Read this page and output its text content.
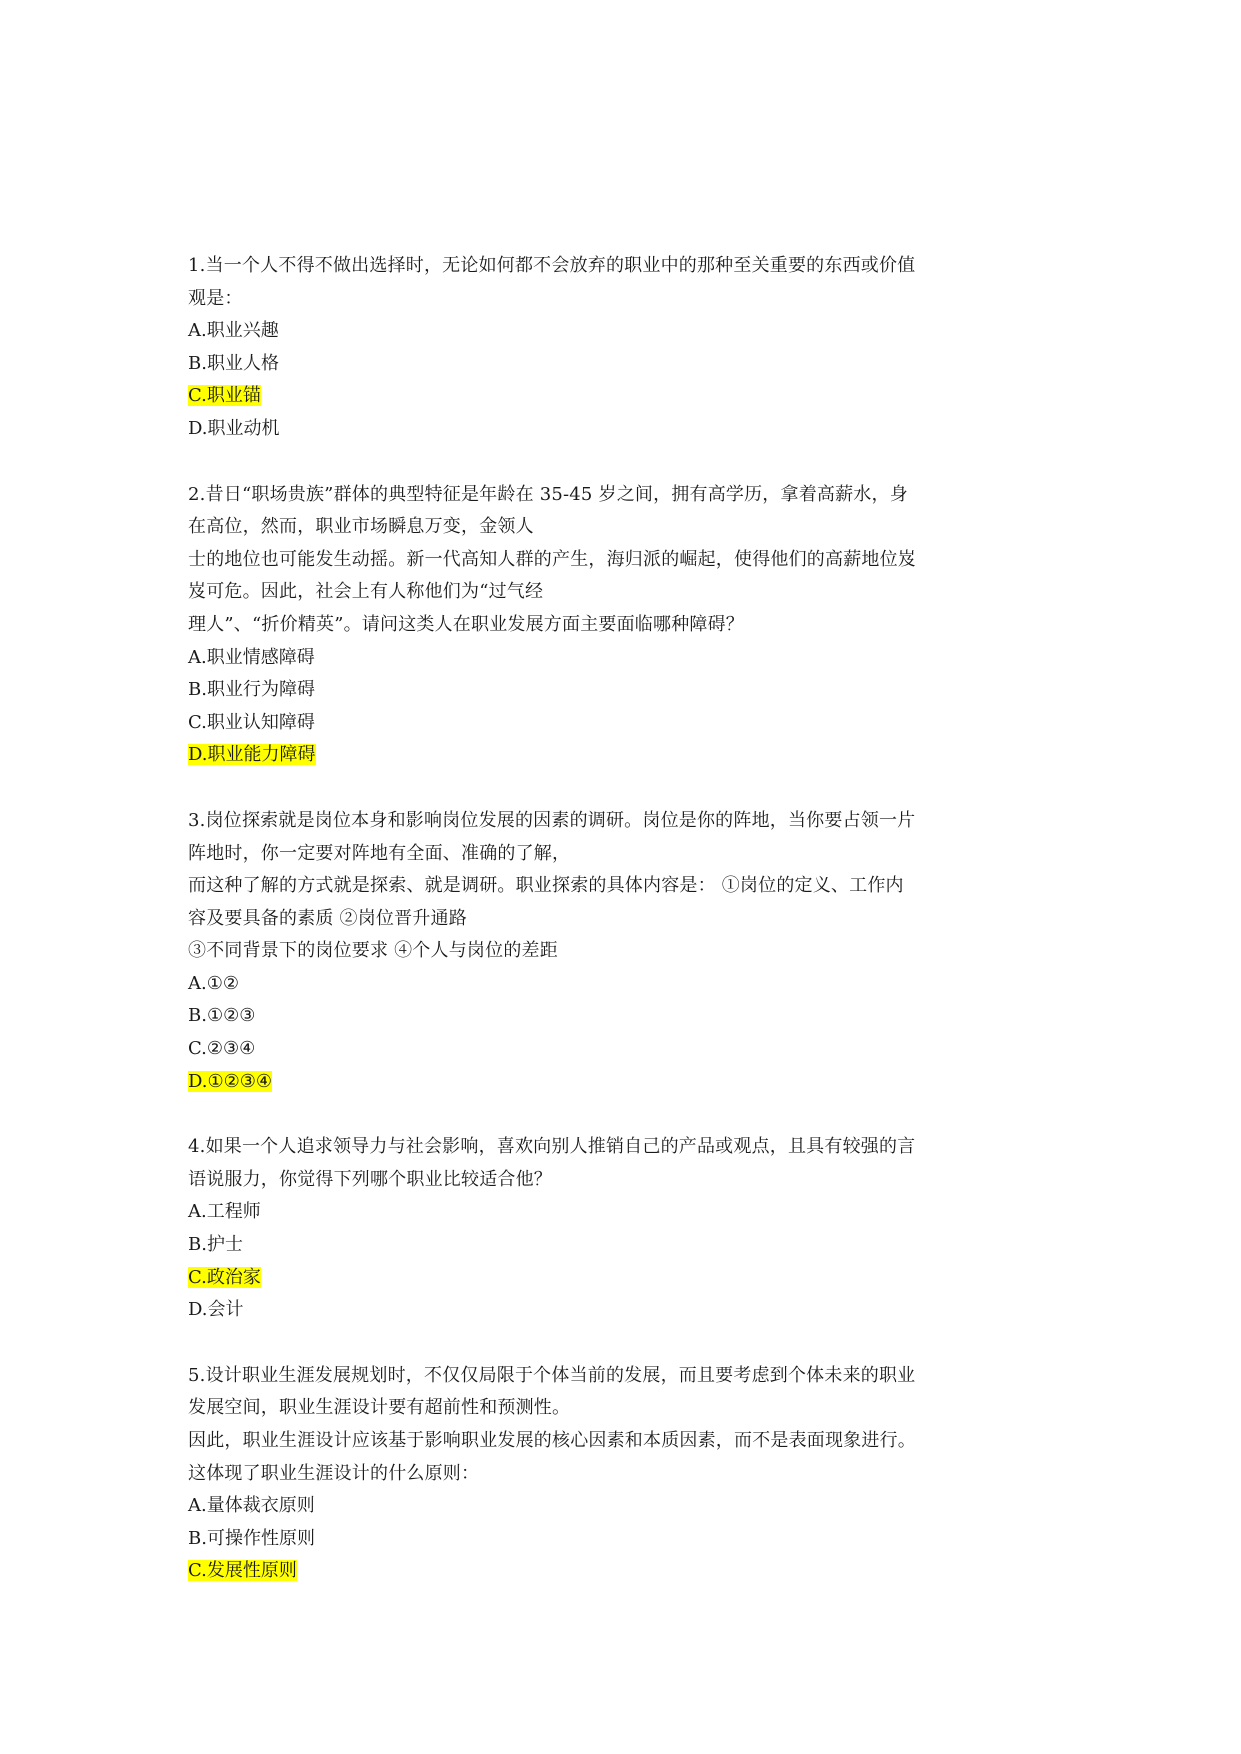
1.当一个人不得不做出选择时，无论如何都不会放弃的职业中的那种至关重要的东西或价值
观是：
A.职业兴趣
B.职业人格
C.职业锚
D.职业动机
2.昔日“职场贵族”群体的典型特征是年龄在 35-45 岁之间，拥有高学历，拿着高薪水，身
在高位，然而，职业市场瞬息万变，金领人
士的地位也可能发生动摇。新一代高知人群的产生，海归派的崛起，使得他们的高薪地位岌
岌可危。因此，社会上有人称他们为“过气经
理人”、“折价精英”。请问这类人在职业发展方面主要面临哪种障碍？
A.职业情感障碍
B.职业行为障碍
C.职业认知障碍
D.职业能力障碍
3.岗位探索就是岗位本身和影响岗位发展的因素的调研。岗位是你的阵地，当你要占领一片
阵地时，你一定要对阵地有全面、准确的了解，
而这种了解的方式就是探索、就是调研。职业探索的具体内容是： ①岗位的定义、工作内
容及要具备的素质 ②岗位晋升通路
③不同背景下的岗位要求 ④个人与岗位的差距
A.①②
B.①②③
C.②③④
D.①②③④
4.如果一个人追求领导力与社会影响，喜欢向别人推销自己的产品或观点，且具有较强的言
语说服力，你觉得下列哪个职业比较适合他？
A.工程师
B.护士
C.政治家
D.会计
5.设计职业生涯发展规划时，不仅仅局限于个体当前的发展，而且要考虑到个体未来的职业
发展空间，职业生涯设计要有超前性和预测性。
因此，职业生涯设计应该基于影响职业发展的核心因素和本质因素，而不是表面现象进行。
这体现了职业生涯设计的什么原则：
A.量体裁衣原则
B.可操作性原则
C.发展性原则
